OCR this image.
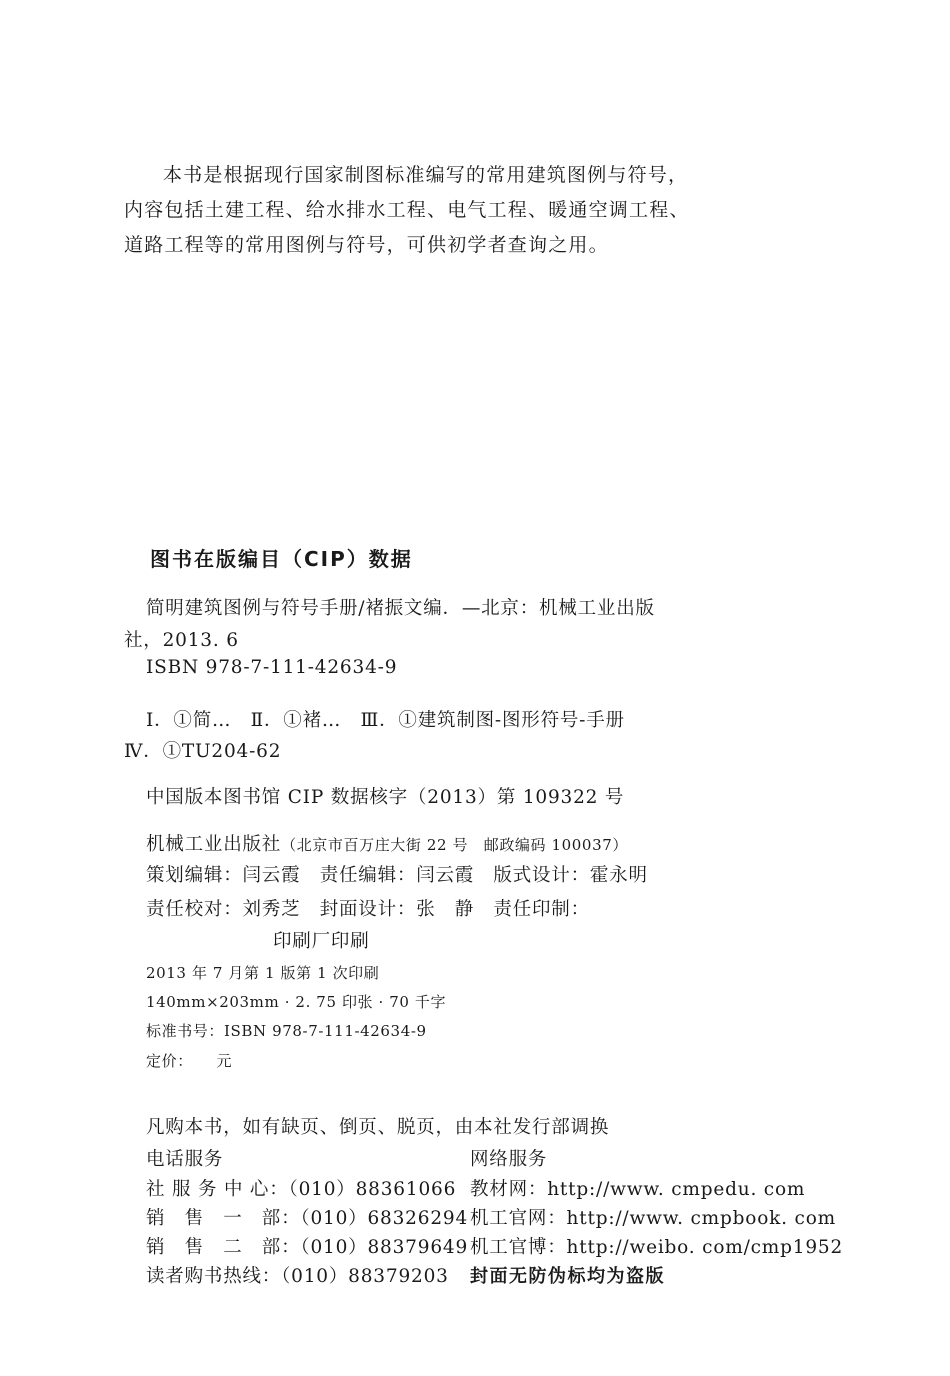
本书是根据现行国家制图标准编写的常用建筑图例与符号，
内容包括土建工程、给水排水工程、电气工程、暖通空调工程、
道路工程等的常用图例与符号，可供初学者查询之用。
图书在版编目（CIP）数据
简明建筑图例与符号手册/褚振文编．—北京：机械工业出版
社，2013. 6
ISBN 978-7-111-42634-9
Ⅰ．①简…　Ⅱ．①褚…　Ⅲ．①建筑制图-图形符号-手册
Ⅳ．①TU204-62
中国版本图书馆 CIP 数据核字（2013）第 109322 号
机械工业出版社（北京市百万庄大街 22 号　邮政编码 100037）
策划编辑：闫云霞　责任编辑：闫云霞　版式设计：霍永明
责任校对：刘秀芝　封面设计：张　静　责任印制：
印刷厂印刷
2013 年 7 月第 1 版第 1 次印刷
140mm×203mm · 2. 75 印张 · 70 千字
标准书号：ISBN 978-7-111-42634-9
定价：　　元
凡购本书，如有缺页、倒页、脱页，由本社发行部调换
电话服务	网络服务
社 服 务 中 心：（010）88361066
销　售　一　部：（010）68326294
销　售　二　部：（010）88379649
读者购书热线：（010）88379203
教材网：http://www. cmpedu. com
机工官网：http://www. cmpbook. com
机工官博：http://weibo. com/cmp1952
封面无防伪标均为盗版
